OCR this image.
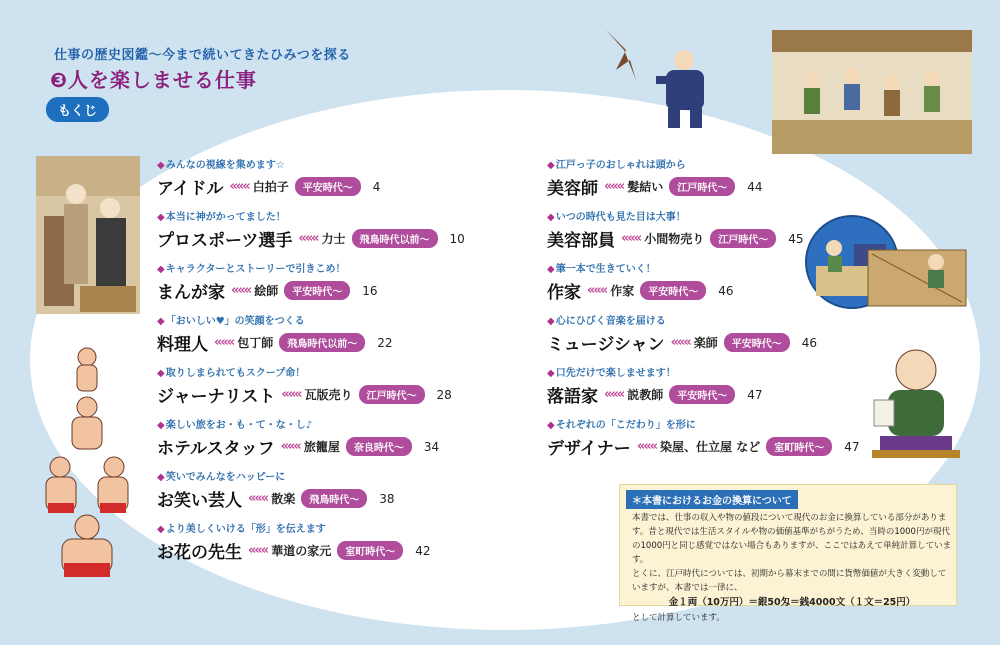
仕事の歴史図鑑〜今まで続いてきたひみつを探る
❸人を楽しませる仕事
もくじ
◆みんなの視線を集めます☆
アイドル ««« 白拍子	平安時代〜	4
◆本当に神がかってました！
プロスポーツ選手 ««« 力士	飛鳥時代以前〜	10
◆キャラクターとストーリーで引きこめ！
まんが家 ««« 絵師	平安時代〜	16
◆「おいしい♥」の笑顔をつくる
料理人 ««« 包丁師	飛鳥時代以前〜	22
◆取りしまられてもスクープ命！
ジャーナリスト ««« 瓦版売り	江戸時代〜	28
◆楽しい旅をお・も・て・な・し♪
ホテルスタッフ ««« 旅籠屋	奈良時代〜	34
◆笑いでみんなをハッピーに
お笑い芸人 ««« 散楽	飛鳥時代〜	38
◆より美しくいける「形」を伝えます
お花の先生 ««« 華道の家元	室町時代〜	42
◆江戸っ子のおしゃれは頭から
美容師 ««« 髪結い	江戸時代〜	44
◆いつの時代も見た目は大事！
美容部員 ««« 小間物売り	江戸時代〜	45
◆筆一本で生きていく！
作家 ««« 作家	平安時代〜	46
◆心にひびく音楽を届ける
ミュージシャン ««« 楽師	平安時代〜	46
◆口先だけで楽しませます！
落語家 ««« 説教師	平安時代〜	47
◆それぞれの「こだわり」を形に
デザイナー ««« 染屋、仕立屋 など	室町時代〜	47
＊本書におけるお金の換算について
本書では、仕事の収入や物の値段について現代のお金に換算している部分があります。昔と現代では生活スタイルや物の価値基準がちがうため、当時の1000円が現代の1000円と同じ感覚ではない場合もありますが、ここではあえて単純計算しています。
とくに、江戸時代については、初期から幕末までの間に貨幣価値が大きく変動していますが、本書では一律に、
金１両（10万円）＝銀50匁＝銭4000文（１文＝25円）
として計算しています。
